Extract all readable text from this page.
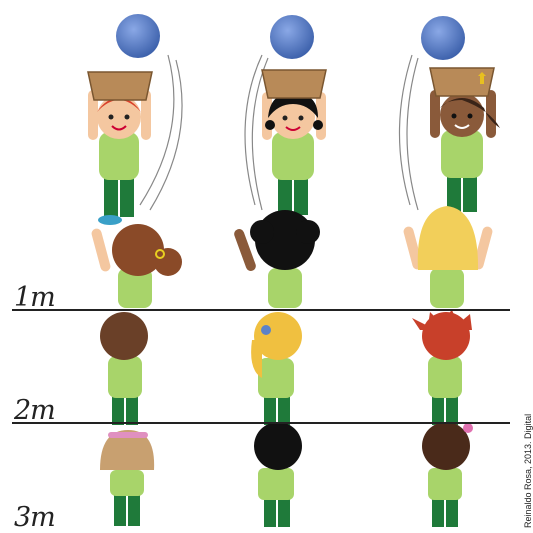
1m
2m
3m	Reinaldo Rosa, 2013. Digital
